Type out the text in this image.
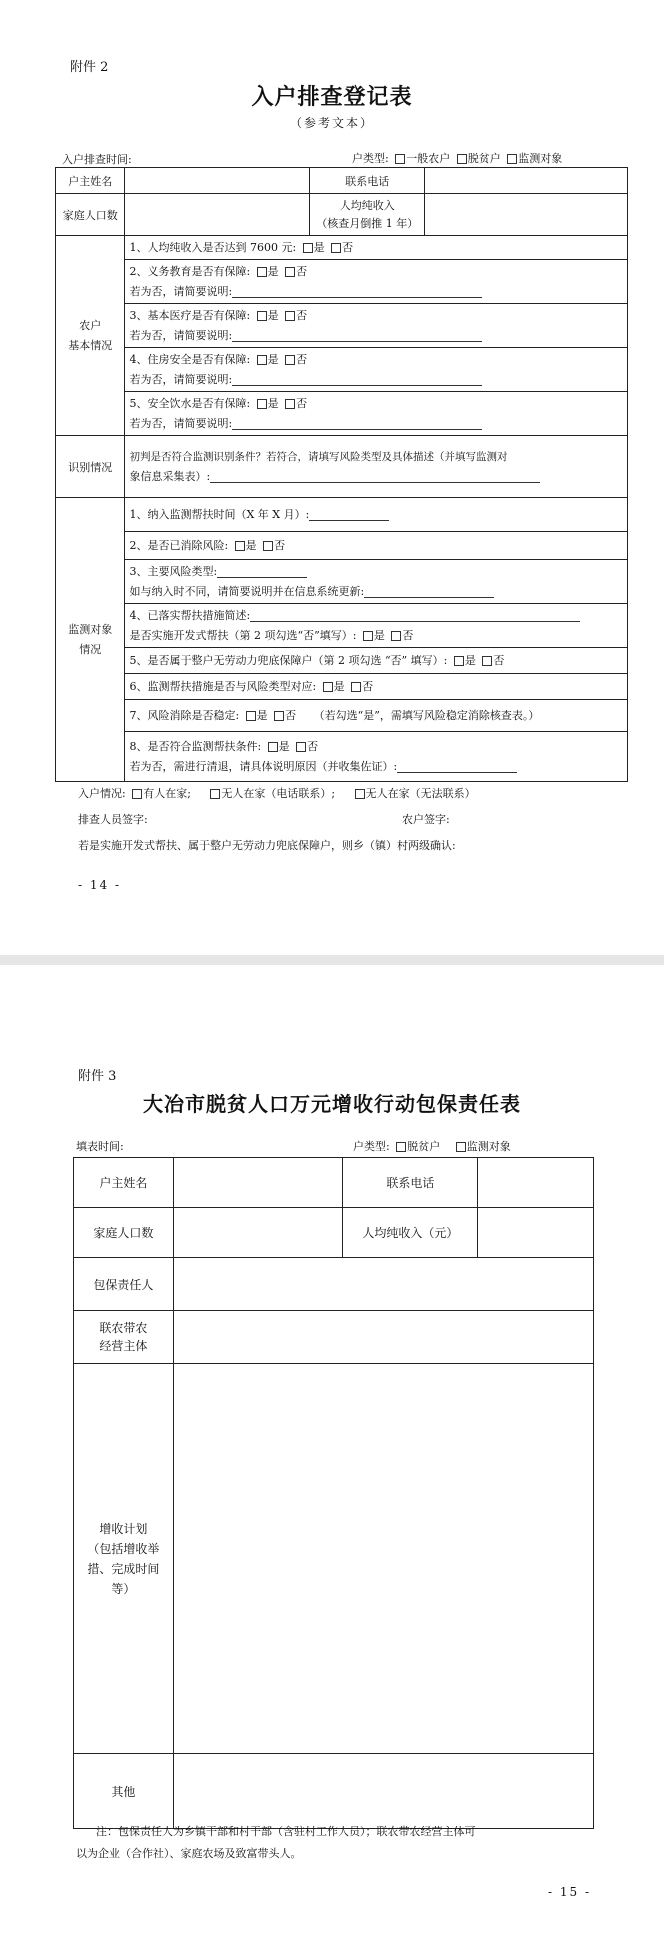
附件 2
入户排查登记表
（参考文本）
入户排查时间:	户类型: 一般农户 脱贫户 监测对象
户主姓名		联系电话	
家庭人口数		人均纯收入
（核查月倒推 1 年）	

农户
基本情况	1、人均纯收入是否达到 7600 元: 是 否		

	2、义务教育是否有保障: 是 否
若为否，请简要说明:		

	3、基本医疗是否有保障: 是 否
若为否，请简要说明:		

	4、住房安全是否有保障: 是 否
若为否，请简要说明:		

	5、安全饮水是否有保障: 是 否
若为否，请简要说明:		

识别情况	初判是否符合监测识别条件？若符合，请填写风险类型及具体描述（并填写监测对
象信息采集表）:		

监测对象
情况	1、纳入监测帮扶时间（X 年 X 月）:		
	2、是否已消除风险: 是 否		

	3、主要风险类型:
如与纳入时不同，请简要说明并在信息系统更新:		

	4、已落实帮扶措施简述:
是否实施开发式帮扶（第 2 项勾选“否”填写）: 是 否		

	5、是否属于整户无劳动力兜底保障户（第 2 项勾选 “否” 填写）: 是 否		
	6、监测帮扶措施是否与风险类型对应: 是 否		
	7、风险消除是否稳定: 是 否 （若勾选“是”，需填写风险稳定消除核查表。）		

	8、是否符合监测帮扶条件: 是 否
若为否，需进行清退，请具体说明原因（并收集佐证）:		
入户情况: 有人在家;	无人在家（电话联系）;	无人在家（无法联系）
排查人员签字:	农户签字:
若是实施开发式帮扶、属于整户无劳动力兜底保障户，则乡（镇）村两级确认:
- 14 -
附件 3
大冶市脱贫人口万元增收行动包保责任表
填表时间:	户类型: 脱贫户 监测对象
户主姓名		联系电话	
家庭人口数		人均纯收入（元）	
包保责任人			
联农带农
经营主体			
增收计划
（包括增收举
措、完成时间
等）			
其他			
注：包保责任人为乡镇干部和村干部（含驻村工作人员）；联农带农经营主体可
以为企业（合作社）、家庭农场及致富带头人。
- 15 -
